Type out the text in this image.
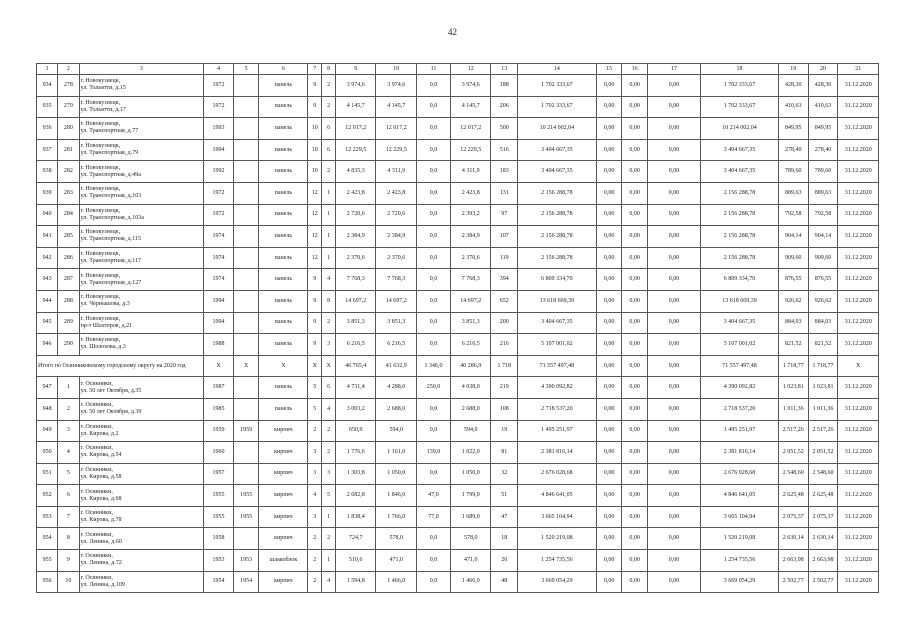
42
1	2	3	4	5	6	7	8	9	10	11	12	13	14	15	16	17	18	19	20	21
934	278	г. Новокузнецк,
ул. Тольятти, д.15	1972		панель	9	2	3 974,6	3 974,6	0,0	3 974,6	188	1 702 333,67	0,00	0,00	0,00	1 702 333,67	428,30	428,30	31.12.2020
935	279	г. Новокузнецк,
ул. Тольятти, д.17	1972		панель	9	2	4 145,7	4 145,7	0,0	4 145,7	206	1 702 333,67	0,00	0,00	0,00	1 702 333,67	410,63	410,63	31.12.2020
936	280	г. Новокузнецк,
ул. Транспортная, д.77	1993		панель	10	6	12 017,2	12 017,2	0,0	12 017,2	500	10 214 002,04	0,00	0,00	0,00	10 214 002,04	849,95	849,95	31.12.2020
937	281	г. Новокузнецк,
ул. Транспортная, д.79	1994		панель	10	6	12 229,5	12 229,5	0,0	12 229,5	516	3 404 667,35	0,00	0,00	0,00	3 404 667,35	278,40	278,40	31.12.2020
938	282	г. Новокузнецк,
ул. Транспортная, д.49а	1992		панель	10	2	4 835,3	4 311,9	0,0	4 311,9	183	3 404 667,35	0,00	0,00	0,00	3 404 667,35	789,60	789,60	31.12.2020
939	283	г. Новокузнецк,
ул. Транспортная, д.103	1972		панель	12	1	2 423,8	2 423,8	0,0	2 423,8	131	2 156 288,78	0,00	0,00	0,00	2 156 288,78	889,63	889,63	31.12.2020
940	284	г. Новокузнецк,
ул. Транспортная, д.103а	1972		панель	12	1	2 720,6	2 720,6	0,0	2 393,2	97	2 156 288,78	0,00	0,00	0,00	2 156 288,78	792,58	792,58	31.12.2020
941	285	г. Новокузнецк,
ул. Транспортная, д.115	1974		панель	12	1	2 384,9	2 384,9	0,0	2 384,9	107	2 156 288,78	0,00	0,00	0,00	2 156 288,78	904,14	904,14	31.12.2020
942	286	г. Новокузнецк,
ул. Транспортная, д.117	1974		панель	12	1	2 370,6	2 370,6	0,0	2 370,6	119	2 156 288,78	0,00	0,00	0,00	2 156 288,78	909,60	909,60	31.12.2020
943	287	г. Новокузнецк,
ул. Транспортная, д.127	1974		панель	9	4	7 768,3	7 768,3	0,0	7 768,3	394	6 809 334,70	0,00	0,00	0,00	6 809 334,70	876,55	876,55	31.12.2020
944	288	г. Новокузнецк,
ул. Чернышова, д.3	1994		панель	9	8	14 697,2	14 697,2	0,0	14 697,2	652	13 618 669,39	0,00	0,00	0,00	13 618 669,39	926,62	926,62	31.12.2020
945	289	г. Новокузнецк,
пр-т Шахтеров, д.21	1994		панель	9	2	3 851,3	3 851,3	0,0	3 851,3	200	3 404 667,35	0,00	0,00	0,00	3 404 667,35	884,03	884,03	31.12.2020
946	290	г. Новокузнецк,
ул. Шолохова, д.3	1988		панель	9	3	6 216,5	6 216,5	0,0	6 216,5	216	5 107 001,02	0,00	0,00	0,00	5 107 001,02	821,52	821,52	31.12.2020
Итого по Осинниковскому городскому округу на 2020 год			X	X	X	X	X	46 765,4	41 632,9	1 346,0	40 286,9	1 718	71 557 497,48	0,00	0,00	0,00	71 557 497,48	1 718,77	1 718,77	X
947	1	г. Осинники,
ул. 50 лет Октября, д.35	1987		панель	5	6	4 731,4	4 288,0	250,0	4 038,0	219	4 390 092,82	0,00	0,00	0,00	4 390 092,82	1 023,81	1 023,81	31.12.2020
948	2	г. Осинники,
ул. 50 лет Октября, д.39	1985		панель	5	4	3 003,2	2 688,0	0,0	2 688,0	108	2 718 537,20	0,00	0,00	0,00	2 718 537,20	1 011,36	1 011,36	31.12.2020
949	3	г. Осинники,
ул. Кирова, д.2	1959	1959	кирпич	2	2	650,9	594,0	0,0	594,0	19	1 495 251,97	0,00	0,00	0,00	1 495 251,97	2 517,26	2 517,26	31.12.2020
950	4	г. Осинники,
ул. Кирова, д.54	1960		кирпич	3	2	1 776,6	1 161,0	139,0	1 022,0	81	2 381 816,14	0,00	0,00	0,00	2 381 816,14	2 051,52	2 051,52	31.12.2020
951	5	г. Осинники,
ул. Кирова, д.58	1957		кирпич	3	3	1 303,8	1 050,0	0,0	1 050,0	32	2 676 028,68	0,00	0,00	0,00	2 676 028,68	2 548,60	2 548,60	31.12.2020
952	6	г. Осинники,
ул. Кирова, д.68	1955	1955	кирпич	4	5	2 682,8	1 846,0	47,0	1 799,0	51	4 846 641,05	0,00	0,00	0,00	4 846 641,05	2 625,48	2 625,48	31.12.2020
953	7	г. Осинники,
ул. Кирова, д.78	1955	1955	кирпич	3	1	1 838,4	1 766,0	77,0	1 689,0	47	3 665 104,94	0,00	0,00	0,00	3 665 104,94	2 075,37	2 075,37	31.12.2020
954	8	г. Осинники,
ул. Ленина, д.60	1958		кирпич	2	2	724,7	578,0	0,0	578,0	18	1 520 219,08	0,00	0,00	0,00	1 520 219,08	2 630,14	2 630,14	31.12.2020
955	9	г. Осинники,
ул. Ленина, д.72	1953	1953	шлакоблок	2	1	510,6	471,0	0,0	471,0	20	1 254 735,56	0,00	0,00	0,00	1 254 735,56	2 663,98	2 663,98	31.12.2020
956	10	г. Осинники,
ул. Ленина, д.109	1954	1954	кирпич	2	4	1 594,8	1 466,0	0,0	1 466,0	48	3 669 054,29	0,00	0,00	0,00	3 669 054,29	2 502,77	2 502,77	31.12.2020
